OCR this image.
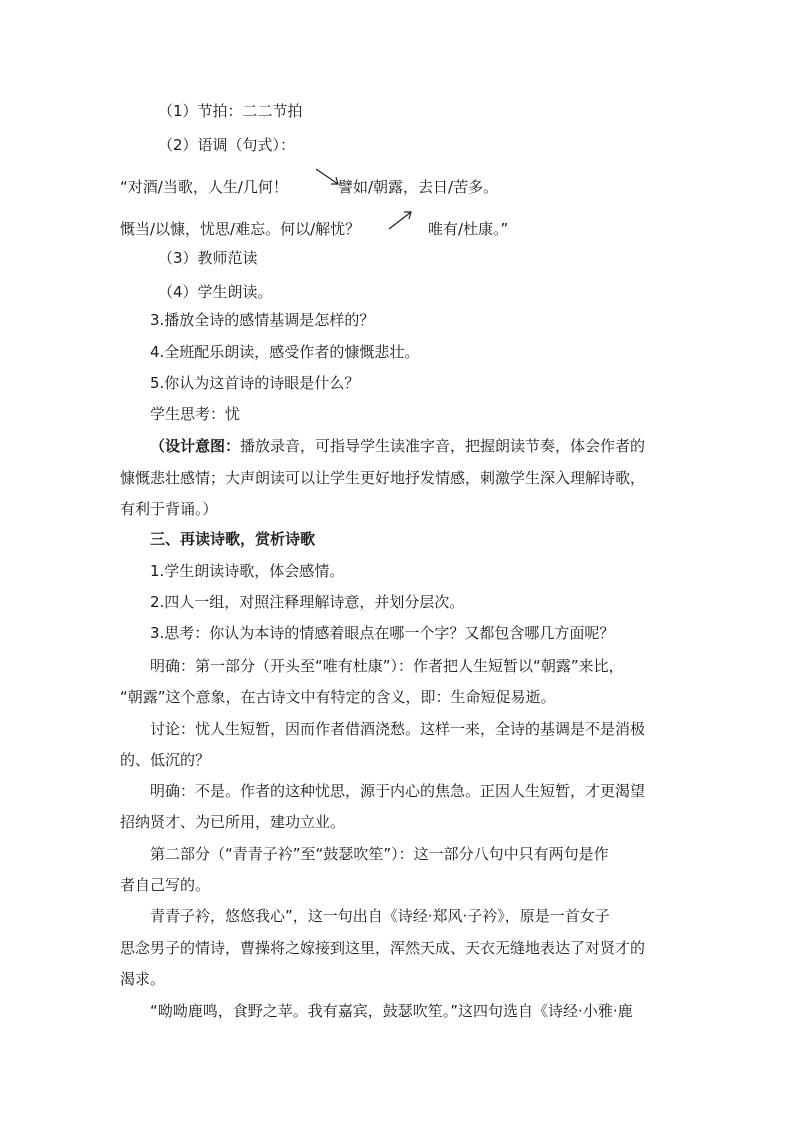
（1）节拍：二二节拍
（2）语调（句式）：
“对酒/当歌，人生/几何！	譬如/朝露，去日/苦多。
慨当/以慷，忧思/难忘。何以/解忧？	唯有/杜康。”
（3）教师范读
（4）学生朗读。
3.播放全诗的感情基调是怎样的？
4.全班配乐朗读，感受作者的慷慨悲壮。
5.你认为这首诗的诗眼是什么？
学生思考：忧
（设计意图：播放录音，可指导学生读准字音，把握朗读节奏，体会作者的
慷慨悲壮感情；大声朗读可以让学生更好地抒发情感，刺激学生深入理解诗歌，
有利于背诵。）
三、再读诗歌，赏析诗歌
1.学生朗读诗歌，体会感情。
2.四人一组，对照注释理解诗意，并划分层次。
3.思考：你认为本诗的情感着眼点在哪一个字？又都包含哪几方面呢？
明确：第一部分（开头至“唯有杜康”）：作者把人生短暂以“朝露”来比，
“朝露”这个意象，在古诗文中有特定的含义，即：生命短促易逝。
讨论：忧人生短暂，因而作者借酒浇愁。这样一来，全诗的基调是不是消极
的、低沉的？
明确：不是。作者的这种忧思，源于内心的焦急。正因人生短暂，才更渴望
招纳贤才、为已所用，建功立业。
第二部分（“青青子衿”至“鼓瑟吹笙”）：这一部分八句中只有两句是作
者自己写的。
青青子衿，悠悠我心”，这一句出自《诗经·郑风·子衿》，原是一首女子
思念男子的情诗，曹操将之嫁接到这里，浑然天成、天衣无缝地表达了对贤才的
渴求。
“呦呦鹿鸣，食野之苹。我有嘉宾，鼓瑟吹笙。”这四句选自《诗经·小雅·鹿
